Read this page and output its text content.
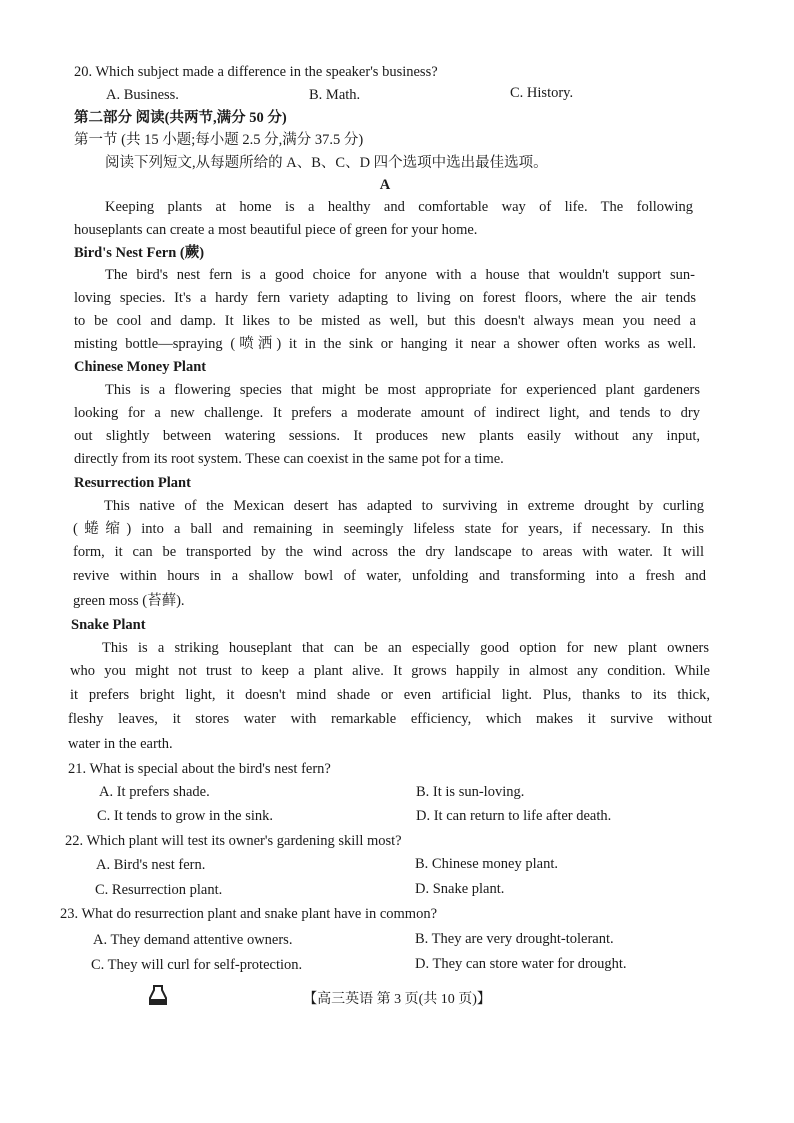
20. Which subject made a difference in the speaker's business?
A. Business.	B. Math.	C. History.
第二部分 阅读(共两节,满分 50 分)
第一节 (共 15 小题;每小题 2.5 分,满分 37.5 分)
阅读下列短文,从每题所给的 A、B、C、D 四个选项中选出最佳选项。
A
Keeping plants at home is a healthy and comfortable way of life. The following
houseplants can create a most beautiful piece of green for your home.
Bird's Nest Fern (蕨)
The bird's nest fern is a good choice for anyone with a house that wouldn't support sun-
loving species. It's a hardy fern variety adapting to living on forest floors, where the air tends
to be cool and damp. It likes to be misted as well, but this doesn't always mean you need a
misting bottle—spraying (喷洒) it in the sink or hanging it near a shower often works as well.
Chinese Money Plant
This is a flowering species that might be most appropriate for experienced plant gardeners
looking for a new challenge. It prefers a moderate amount of indirect light, and tends to dry
out slightly between watering sessions. It produces new plants easily without any input,
directly from its root system. These can coexist in the same pot for a time.
Resurrection Plant
This native of the Mexican desert has adapted to surviving in extreme drought by curling
(蜷缩) into a ball and remaining in seemingly lifeless state for years, if necessary. In this
form, it can be transported by the wind across the dry landscape to areas with water. It will
revive within hours in a shallow bowl of water, unfolding and transforming into a fresh and
green moss (苔藓).
Snake Plant
This is a striking houseplant that can be an especially good option for new plant owners
who you might not trust to keep a plant alive. It grows happily in almost any condition. While
it prefers bright light, it doesn't mind shade or even artificial light. Plus, thanks to its thick,
fleshy leaves, it stores water with remarkable efficiency, which makes it survive without
water in the earth.
21. What is special about the bird's nest fern?
A. It prefers shade.	B. It is sun-loving.
C. It tends to grow in the sink.	D. It can return to life after death.
22. Which plant will test its owner's gardening skill most?
A. Bird's nest fern.	B. Chinese money plant.
C. Resurrection plant.	D. Snake plant.
23. What do resurrection plant and snake plant have in common?
A. They demand attentive owners.	B. They are very drought-tolerant.
C. They will curl for self-protection.	D. They can store water for drought.
【高三英语 第 3 页(共 10 页)】
